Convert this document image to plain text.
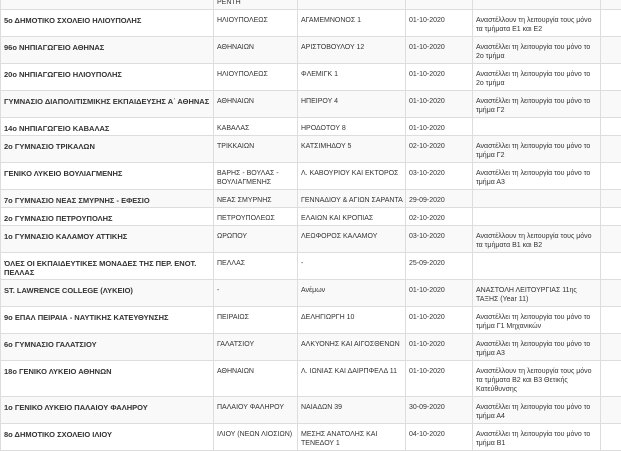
	ΡΕΝΤΗ				
5ο ΔΗΜΟΤΙΚΟ ΣΧΟΛΕΙΟ ΗΛΙΟΥΠΟΛΗΣ	ΗΛΙΟΥΠΟΛΕΩΣ	ΑΓΑΜΕΜΝΟΝΟΣ 1	01-10-2020	Αναστέλλουν τη λειτουργία τους μόνο τα τμήματα Ε1 και Ε2	
96ο ΝΗΠΙΑΓΩΓΕΙΟ ΑΘΗΝΑΣ	ΑΘΗΝΑΙΩΝ	ΑΡΙΣΤΟΒΟΥΛΟΥ 12	01-10-2020	Αναστέλλει τη λειτουργία του μόνο το 2ο τμήμα	
20ο ΝΗΠΙΑΓΩΓΕΙΟ ΗΛΙΟΥΠΟΛΗΣ	ΗΛΙΟΥΠΟΛΕΩΣ	ΦΛΕΜΙΓΚ 1	01-10-2020	Αναστέλλει τη λειτουργία του μόνο το 2ο τμήμα	
ΓΥΜΝΑΣΙΟ ΔΙΑΠΟΛΙΤΙΣΜΙΚΗΣ ΕΚΠΑΙΔΕΥΣΗΣ Α΄ ΑΘΗΝΑΣ	ΑΘΗΝΑΙΩΝ	ΗΠΕΙΡΟΥ 4	01-10-2020	Αναστέλλει τη λειτουργία του μόνο το τμήμα Γ2	
14ο ΝΗΠΙΑΓΩΓΕΙΟ ΚΑΒΑΛΑΣ	ΚΑΒΑΛΑΣ	ΗΡΟΔΟΤΟΥ 8	01-10-2020		
2ο ΓΥΜΝΑΣΙΟ ΤΡΙΚΑΛΩΝ	ΤΡΙΚΚΑΙΩΝ	ΚΑΤΣΙΜΗΔΟΥ 5	02-10-2020	Αναστέλλει τη λειτουργία του μόνο το τμήμα Γ2	
ΓΕΝΙΚΟ ΛΥΚΕΙΟ ΒΟΥΛΙΑΓΜΕΝΗΣ	ΒΑΡΗΣ - ΒΟΥΛΑΣ - ΒΟΥΛΙΑΓΜΕΝΗΣ	Λ. ΚΑΒΟΥΡΙΟΥ ΚΑΙ ΕΚΤΟΡΟΣ	03-10-2020	Αναστέλλει τη λειτουργία του μόνο το τμήμα Α3	
7ο ΓΥΜΝΑΣΙΟ ΝΕΑΣ ΣΜΥΡΝΗΣ - ΕΦΕΣΙΟ	ΝΕΑΣ ΣΜΥΡΝΗΣ	ΓΕΝΝΑΔΙΟΥ & ΑΓΙΩΝ ΣΑΡΑΝΤΑ	29-09-2020		
2ο ΓΥΜΝΑΣΙΟ ΠΕΤΡΟΥΠΟΛΗΣ	ΠΕΤΡΟΥΠΟΛΕΩΣ	ΕΛΑΙΩΝ ΚΑΙ ΚΡΟΠΙΑΣ	02-10-2020		
1ο ΓΥΜΝΑΣΙΟ ΚΑΛΑΜΟΥ ΑΤΤΙΚΗΣ	ΩΡΩΠΟΥ	ΛΕΩΦΟΡΟΣ ΚΑΛΑΜΟΥ	03-10-2020	Αναστέλλουν τη λειτουργία τους μόνο τα τμήματα Β1 και Β2	
ΌΛΕΣ ΟΙ ΕΚΠΑΙΔΕΥΤΙΚΕΣ ΜΟΝΑΔΕΣ ΤΗΣ ΠΕΡ. ΕΝΟΤ. ΠΕΛΛΑΣ	ΠΕΛΛΑΣ	-	25-09-2020		
ST. LAWRENCE COLLEGE (ΛΥΚΕΙΟ)	-	Ανέμων	01-10-2020	ΑΝΑΣΤΟΛΗ ΛΕΙΤΟΥΡΓΙΑΣ 11ης ΤΑΞΗΣ (Year 11)	
9ο ΕΠΑΛ ΠΕΙΡΑΙΑ - ΝΑΥΤΙΚΗΣ ΚΑΤΕΥΘΥΝΣΗΣ	ΠΕΙΡΑΙΩΣ	ΔΕΛΗΓΙΩΡΓΗ 10	01-10-2020	Αναστέλλει τη λειτουργία του μόνο το τμήμα Γ1 Μηχανικών	
6ο ΓΥΜΝΑΣΙΟ ΓΑΛΑΤΣΙΟΥ	ΓΑΛΑΤΣΙΟΥ	ΑΛΚΥΟΝΗΣ ΚΑΙ ΑΙΓΟΣΘΕΝΩΝ	01-10-2020	Αναστέλλει τη λειτουργία του μόνο το τμήμα Α3	
18ο ΓΕΝΙΚΟ ΛΥΚΕΙΟ ΑΘΗΝΩΝ	ΑΘΗΝΑΙΩΝ	Λ. ΙΩΝΙΑΣ ΚΑΙ ΔΑΙΡΠΦΕΛΔ 11	01-10-2020	Αναστέλλουν τη λειτουργία τους μόνο τα τμήματα Β2 και Β3 Θετικής Κατεύθυνσης	
1ο ΓΕΝΙΚΟ ΛΥΚΕΙΟ ΠΑΛΑΙΟΥ ΦΑΛΗΡΟΥ	ΠΑΛΑΙΟΥ ΦΑΛΗΡΟΥ	ΝΑΙΑΔΩΝ 39	30-09-2020	Αναστέλλει τη λειτουργία του μόνο το τμήμα Α4	
8ο ΔΗΜΟΤΙΚΟ ΣΧΟΛΕΙΟ ΙΛΙΟΥ	ΙΛΙΟΥ (ΝΕΩΝ ΛΙΟΣΙΩΝ)	ΜΕΣΗΣ ΑΝΑΤΟΛΗΣ ΚΑΙ ΤΕΝΕΔΟΥ 1	04-10-2020	Αναστέλλει τη λειτουργία του μόνο το τμήμα Β1	
